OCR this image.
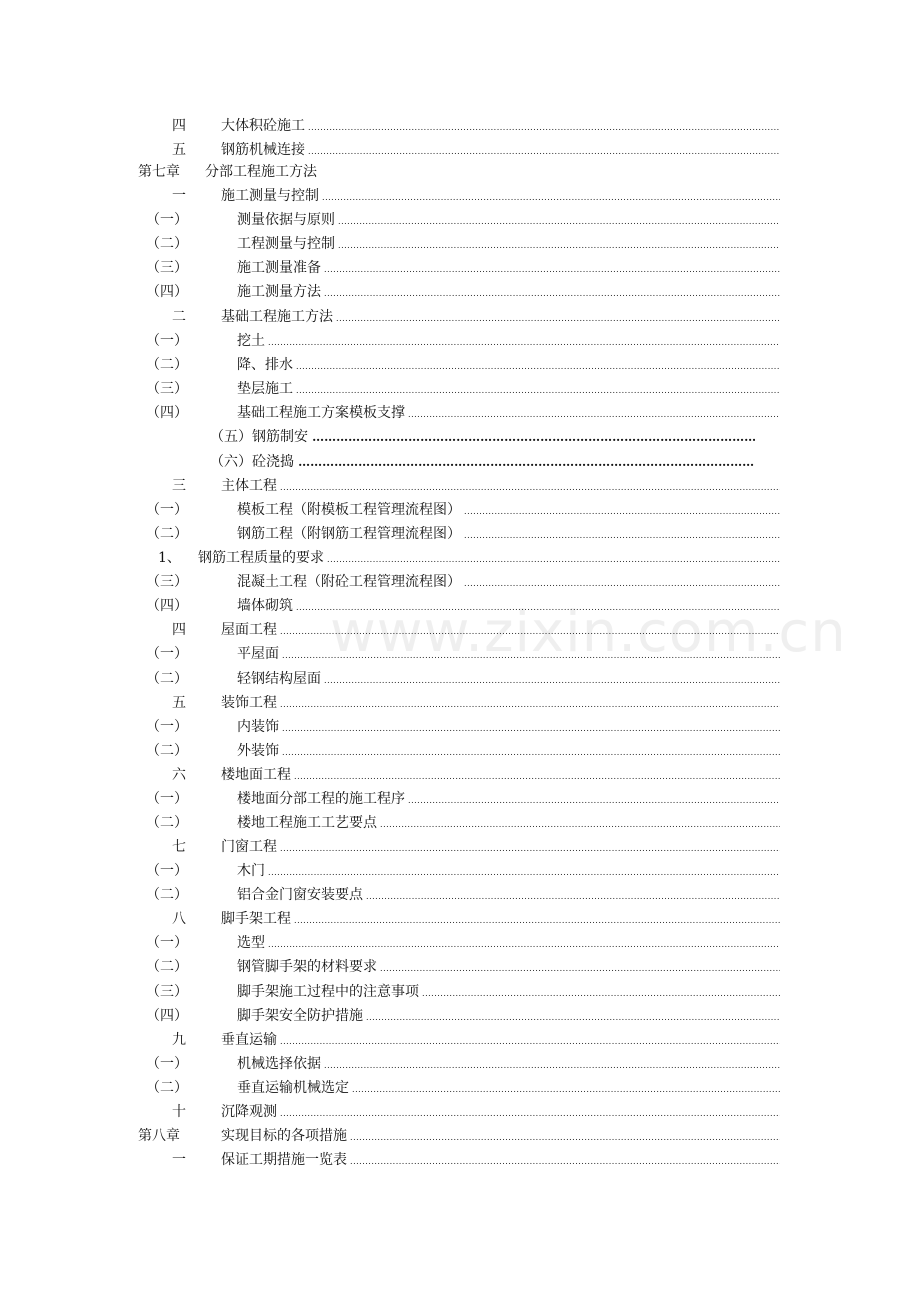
www.zixin.com.cn
四	大体积砼施工 .....
五	钢筋机械连接 .....
第七章 分部工程施工方法
一	施工测量与控制 .....
（一）	测量依据与原则 .....
（二）	工程测量与控制 .....
（三）	施工测量准备 .....
（四）	施工测量方法 .....
二	基础工程施工方法 .....
（一）	挖土 .....
（二）	降、排水 .....
（三）	垫层施工 .....
（四）	基础工程施工方案模板支撑 .....
（五）钢筋制安 …………………………………………………………………………………………………………………………………
（六）砼浇捣 …………………………………………………………………………………………………………………………………
三	主体工程 .....
（一）	模板工程（附模板工程管理流程图） .....
（二）	钢筋工程（附钢筋工程管理流程图） .....
1、 钢筋工程质量的要求 .....
（三）	混凝土工程（附砼工程管理流程图） .....
（四）	墙体砌筑 .....
四	屋面工程 .....
（一）	平屋面 .....
（二）	轻钢结构屋面 .....
五	装饰工程 .....
（一）	内装饰 .....
（二）	外装饰 .....
六	楼地面工程 .....
（一）	楼地面分部工程的施工程序 .....
（二）	楼地工程施工工艺要点 .....
七	门窗工程 .....
（一）	木门 .....
（二）	铝合金门窗安装要点 .....
八	脚手架工程 .....
（一）	选型 .....
（二）	钢管脚手架的材料要求 .....
（三）	脚手架施工过程中的注意事项 .....
（四）	脚手架安全防护措施 .....
九	垂直运输 .....
（一）	机械选择依据 .....
（二）	垂直运输机械选定 .....
十	沉降观测 .....
第八章	实现目标的各项措施 .....
一	保证工期措施一览表 .....
